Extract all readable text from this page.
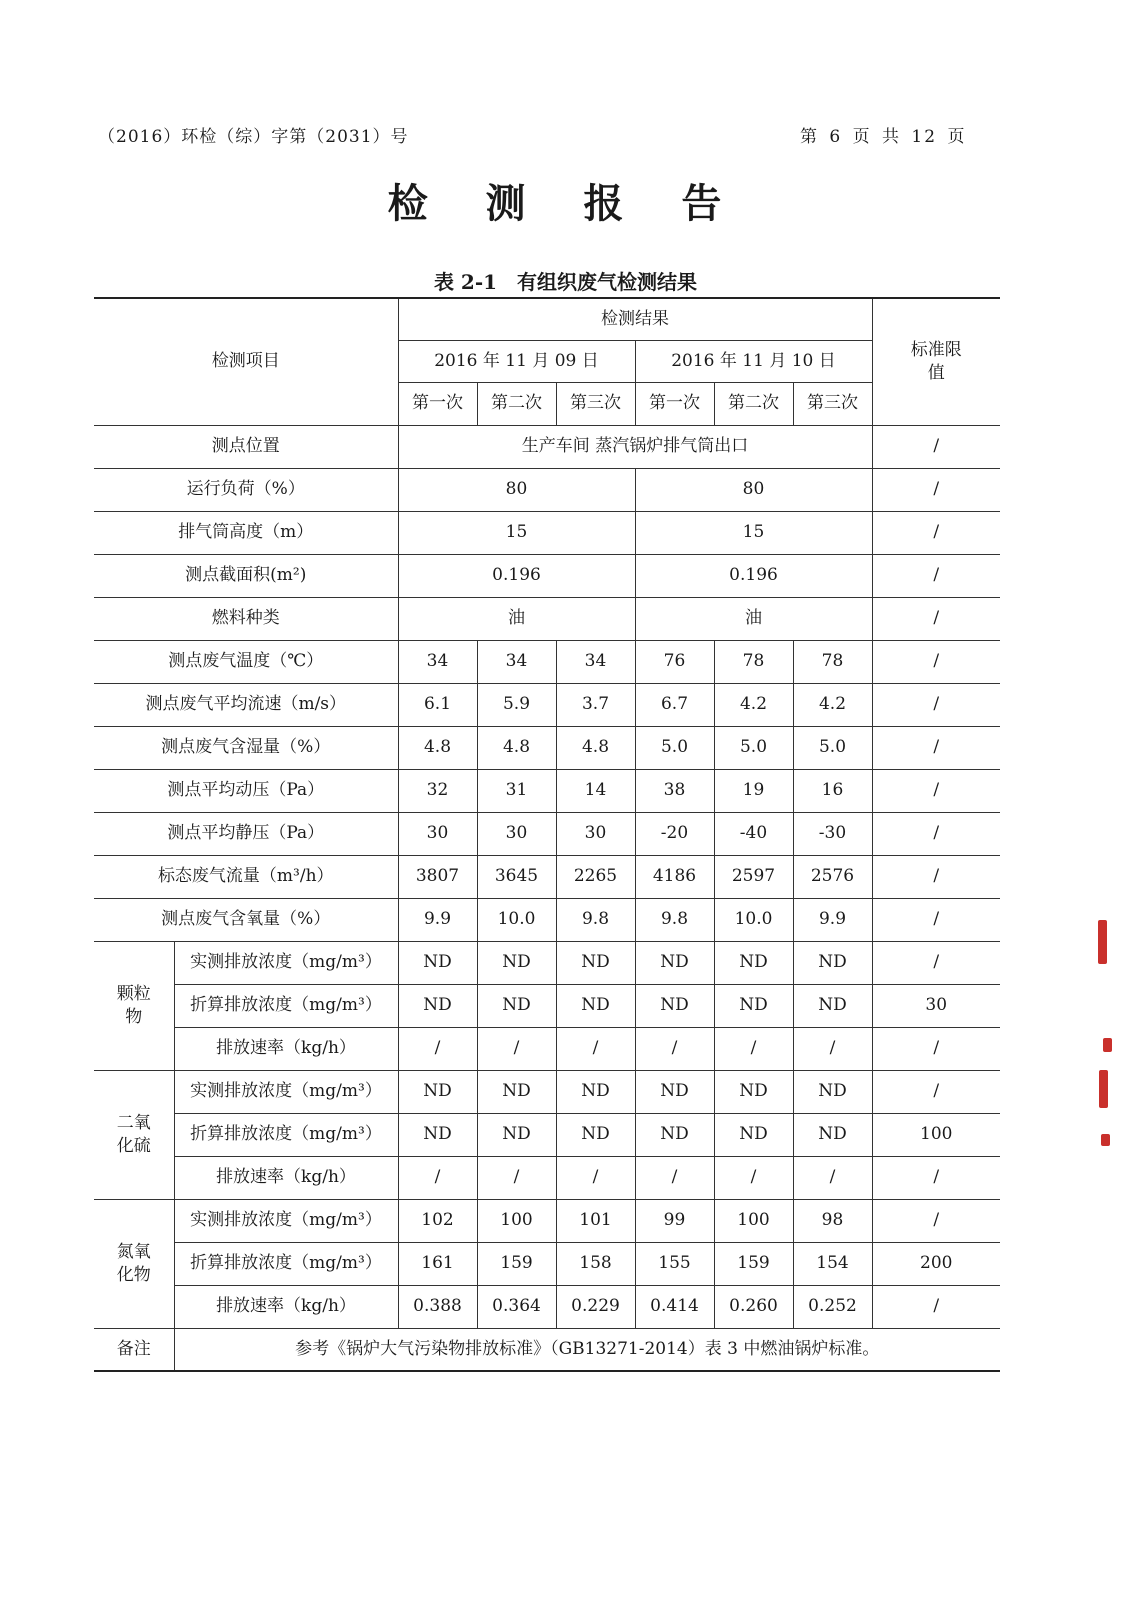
（2016）环检（综）字第（2031）号	第 6 页 共 12 页
检 测 报 告
表 2-1 有组织废气检测结果
检测项目		检测结果						标准限值
		2016 年 11 月 09 日			2016 年 11 月 10 日			
		第一次	第二次	第三次	第一次	第二次	第三次	
测点位置		生产车间 蒸汽锅炉排气筒出口						/
运行负荷（%）		80			80			/
排气筒高度（m）		15			15			/
测点截面积(m²)		0.196			0.196			/
燃料种类		油			油			/
测点废气温度（℃）		34	34	34	76	78	78	/
测点废气平均流速（m/s）		6.1	5.9	3.7	6.7	4.2	4.2	/
测点废气含湿量（%）		4.8	4.8	4.8	5.0	5.0	5.0	/
测点平均动压（Pa）		32	31	14	38	19	16	/
测点平均静压（Pa）		30	30	30	-20	-40	-30	/
标态废气流量（m³/h）		3807	3645	2265	4186	2597	2576	/
测点废气含氧量（%）		9.9	10.0	9.8	9.8	10.0	9.9	/
颗粒物	实测排放浓度（mg/m³）	ND	ND	ND	ND	ND	ND	/
	折算排放浓度（mg/m³）	ND	ND	ND	ND	ND	ND	30
	排放速率（kg/h）	/	/	/	/	/	/	/
二氧化硫	实测排放浓度（mg/m³）	ND	ND	ND	ND	ND	ND	/
	折算排放浓度（mg/m³）	ND	ND	ND	ND	ND	ND	100
	排放速率（kg/h）	/	/	/	/	/	/	/
氮氧化物	实测排放浓度（mg/m³）	102	100	101	99	100	98	/
	折算排放浓度（mg/m³）	161	159	158	155	159	154	200
	排放速率（kg/h）	0.388	0.364	0.229	0.414	0.260	0.252	/
备注	参考《锅炉大气污染物排放标准》（GB13271-2014）表 3 中燃油锅炉标准。							
